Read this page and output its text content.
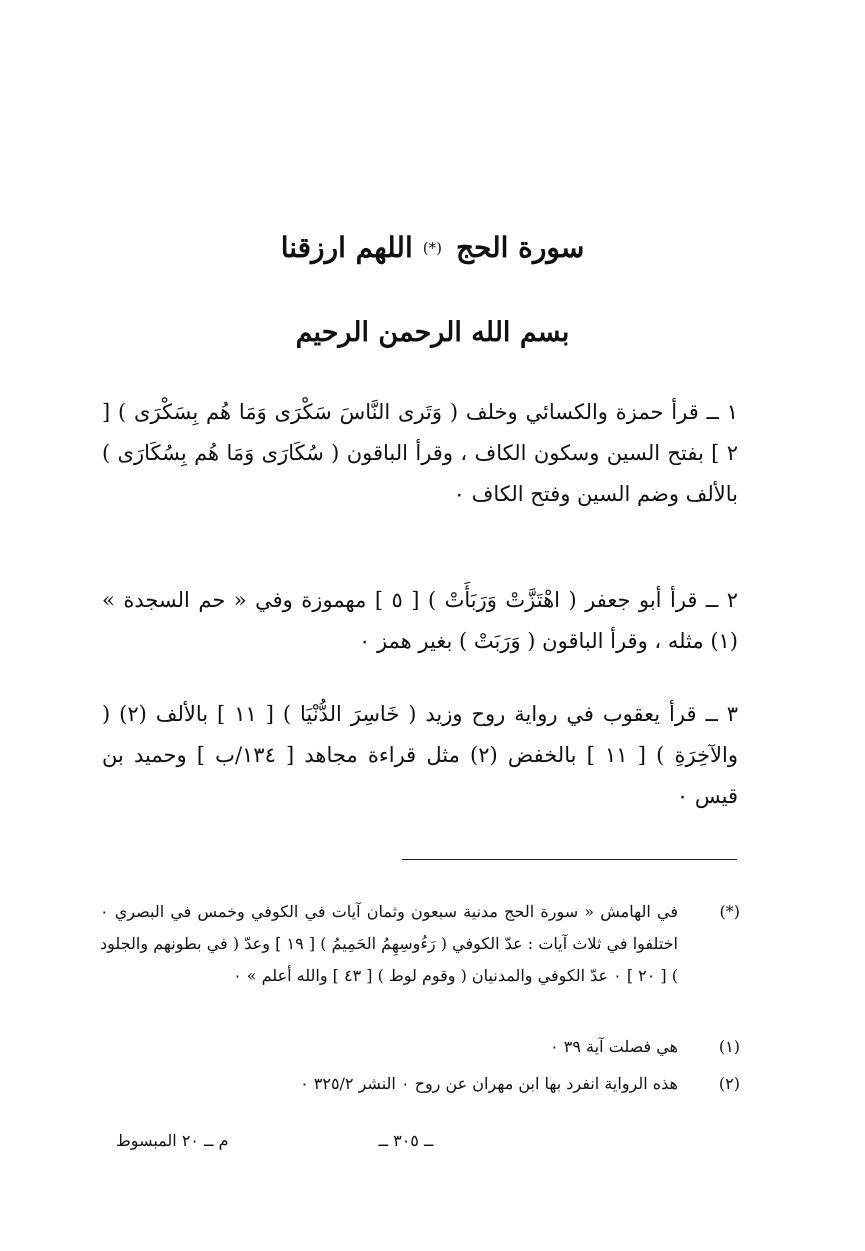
سورة الحج(*)اللهم ارزقنا
بسم الله الرحمن الرحيم
١ ــ قرأ حمزة والكسائي وخلف ( وَتَرى النَّاسَ سَكْرَى وَمَا هُم بِسَكْرَى ) [ ٢ ] بفتح السين وسكون الكاف ، وقرأ الباقون ( سُكَارَى وَمَا هُم بِسُكَارَى ) بالألف وضم السين وفتح الكاف ٠
٢ ــ قرأ أبو جعفر ( اهْتَزَّتْ وَرَبَأَتْ ) [ ٥ ] مهموزة وفي « حم السجدة » (١) مثله ، وقرأ الباقون ( وَرَبَتْ ) بغير همز ٠
٣ ــ قرأ يعقوب في رواية روح وزيد ( خَاسِرَ الدُّنْيَا ) [ ١١ ] بالألف (٢) ( والآخِرَةِ ) [ ١١ ] بالخفض (٢) مثل قراءة مجاهد [ ١٣٤/ب ] وحميد بن قيس ٠
(*)
في الهامش « سورة الحج مدنية سبعون وثمان آيات في الكوفي وخمس في البصري ٠ اختلفوا في ثلاث آيات : عدّ الكوفي ( رَءُوسِهِمُ الحَمِيمُ ) [ ١٩ ] وعدّ ( في بطونهم والجلود ) [ ٢٠ ] ٠ عدّ الكوفي والمدنيان ( وقوم لوط ) [ ٤٣ ] والله أعلم » ٠
(١)
هي فصلت آية ٣٩ ٠
(٢)
هذه الرواية انفرد بها ابن مهران عن روح ٠ النشر ٣٢٥/٢ ٠
ــ ٣٠٥ ــ
م ــ ٢٠ المبسوط
